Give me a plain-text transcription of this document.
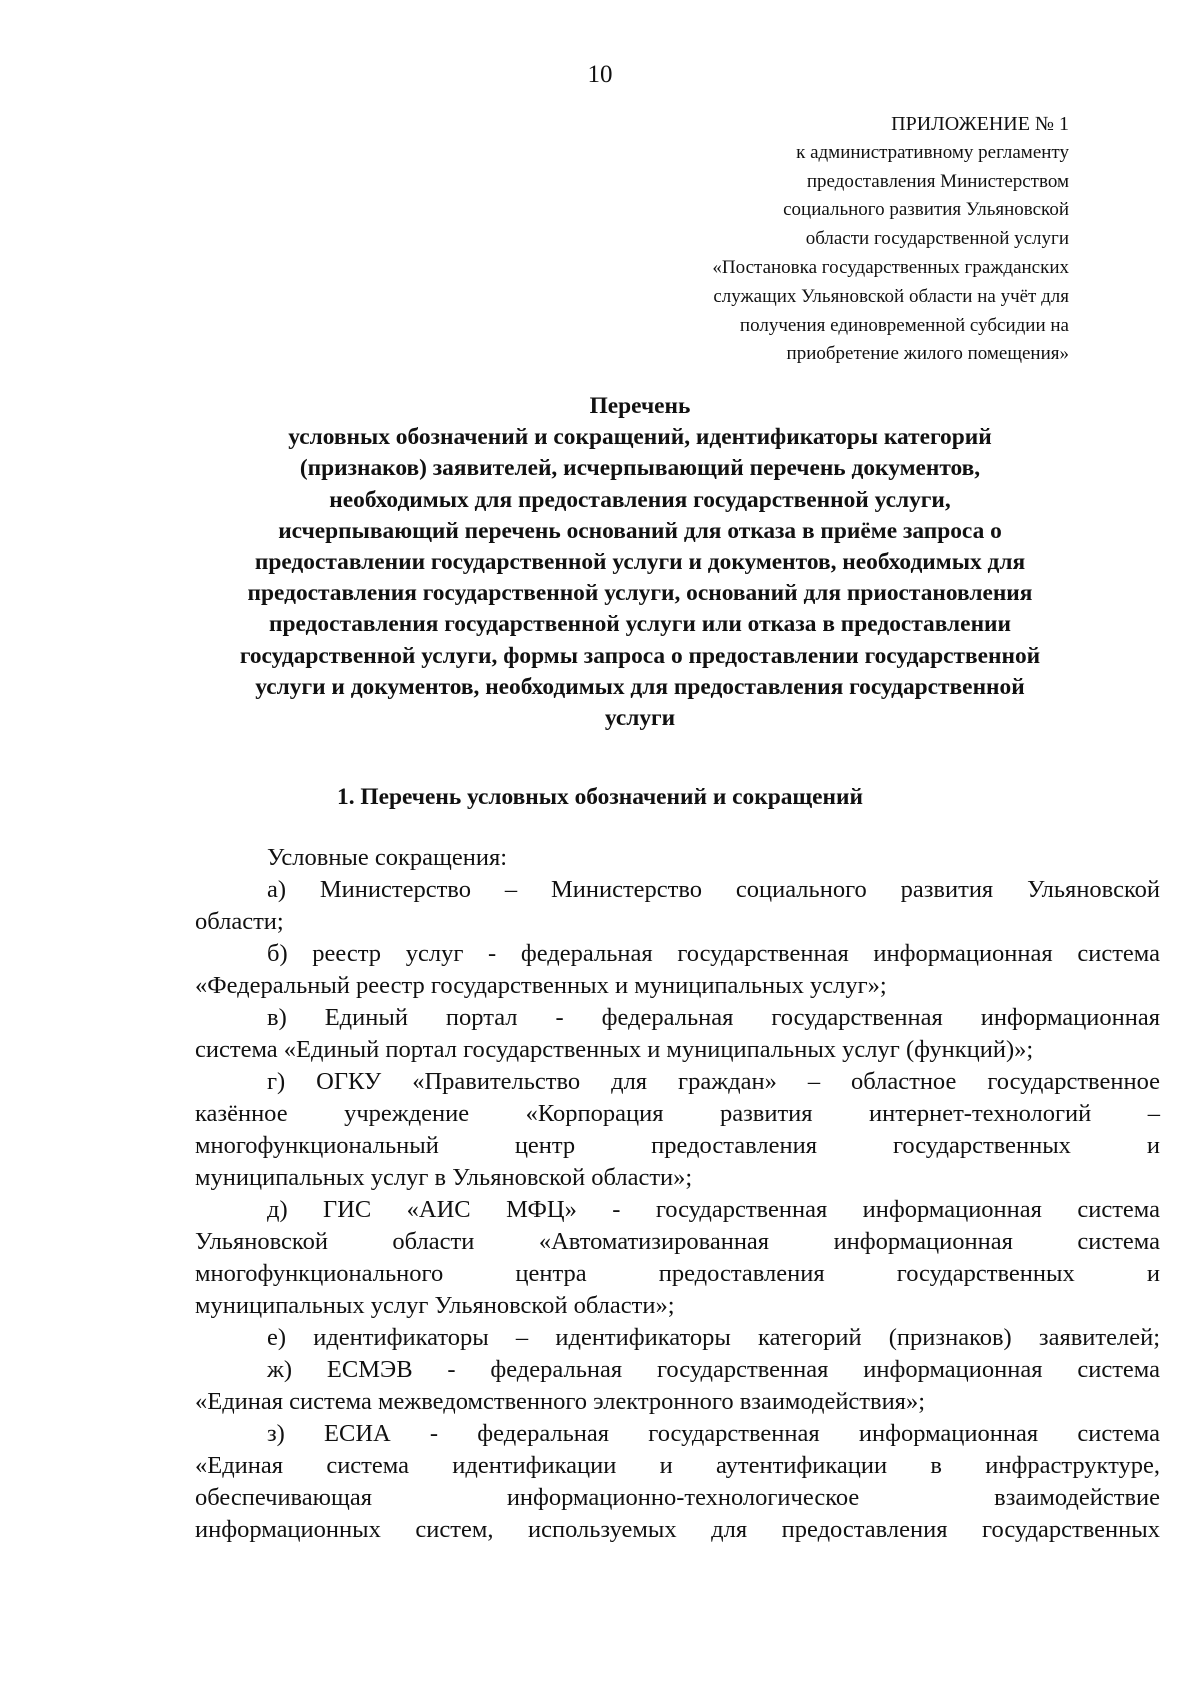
10
ПРИЛОЖЕНИЕ № 1
к административному регламенту
предоставления Министерством
социального развития Ульяновской
области государственной услуги
«Постановка государственных гражданских
служащих Ульяновской области на учёт для
получения единовременной субсидии на
приобретение жилого помещения»
Перечень
условных обозначений и сокращений, идентификаторы категорий
(признаков) заявителей, исчерпывающий перечень документов,
необходимых для предоставления государственной услуги,
исчерпывающий перечень оснований для отказа в приёме запроса о
предоставлении государственной услуги и документов, необходимых для
предоставления государственной услуги, оснований для приостановления
предоставления государственной услуги или отказа в предоставлении
государственной услуги, формы запроса о предоставлении государственной
услуги и документов, необходимых для предоставления государственной
услуги
1. Перечень условных обозначений и сокращений
Условные сокращения:
а) Министерство – Министерство социального развития Ульяновской
области;
б) реестр услуг - федеральная государственная информационная система
«Федеральный реестр государственных и муниципальных услуг»;
в) Единый портал - федеральная государственная информационная
система «Единый портал государственных и муниципальных услуг (функций)»;
г) ОГКУ «Правительство для граждан» – областное государственное
казённое учреждение «Корпорация развития интернет-технологий –
многофункциональный центр предоставления государственных и
муниципальных услуг в Ульяновской области»;
д) ГИС «АИС МФЦ» - государственная информационная система
Ульяновской области «Автоматизированная информационная система
многофункционального центра предоставления государственных и
муниципальных услуг Ульяновской области»;
е) идентификаторы – идентификаторы категорий (признаков) заявителей;
ж) ЕСМЭВ - федеральная государственная информационная система
«Единая система межведомственного электронного взаимодействия»;
з) ЕСИА - федеральная государственная информационная система
«Единая система идентификации и аутентификации в инфраструктуре,
обеспечивающая информационно-технологическое взаимодействие
информационных систем, используемых для предоставления государственных
